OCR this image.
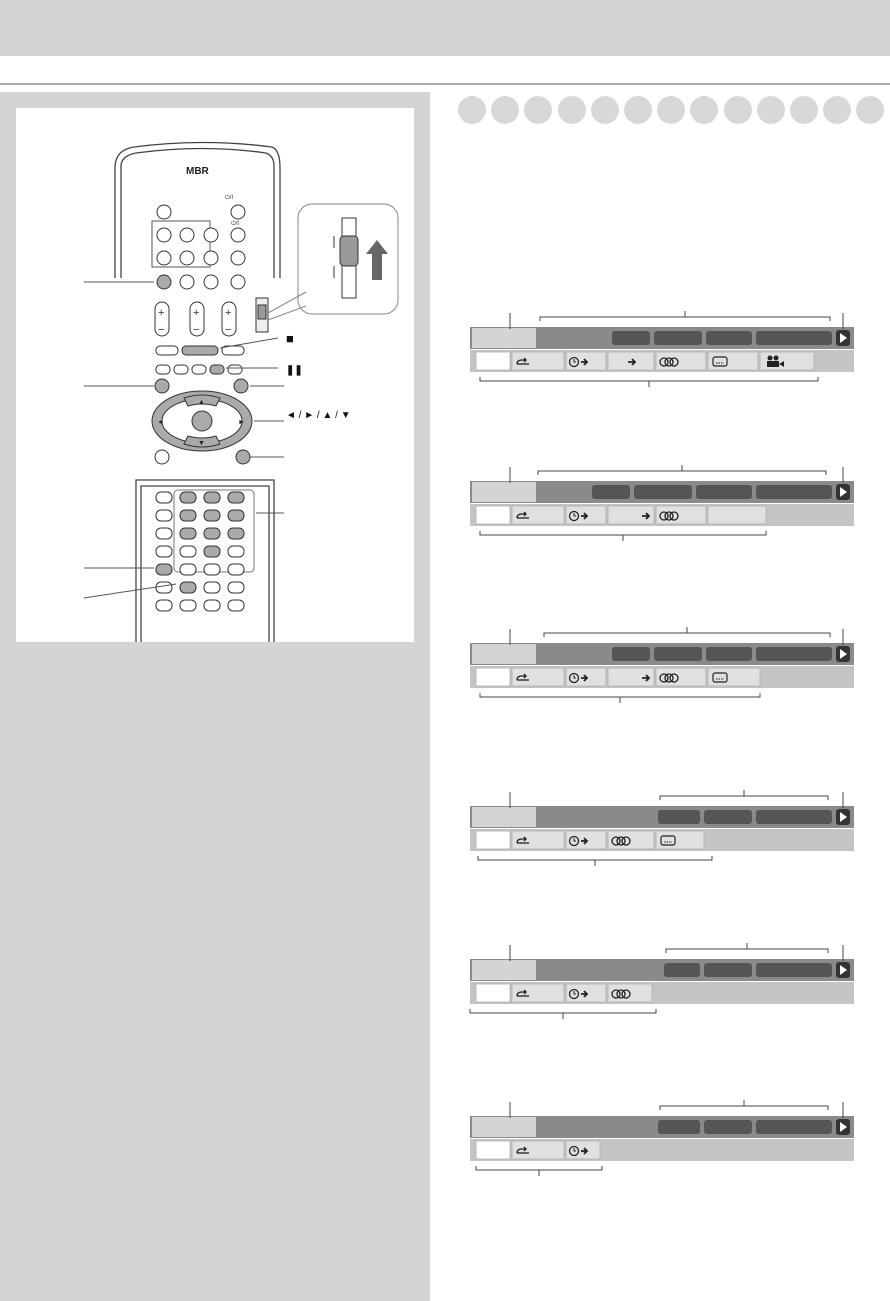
MBR
⏻/I
⏻/I
+	+ +
−	− −
▲
▼
◄	►
■
❚❚
◄ / ► / ▲ / ▼
